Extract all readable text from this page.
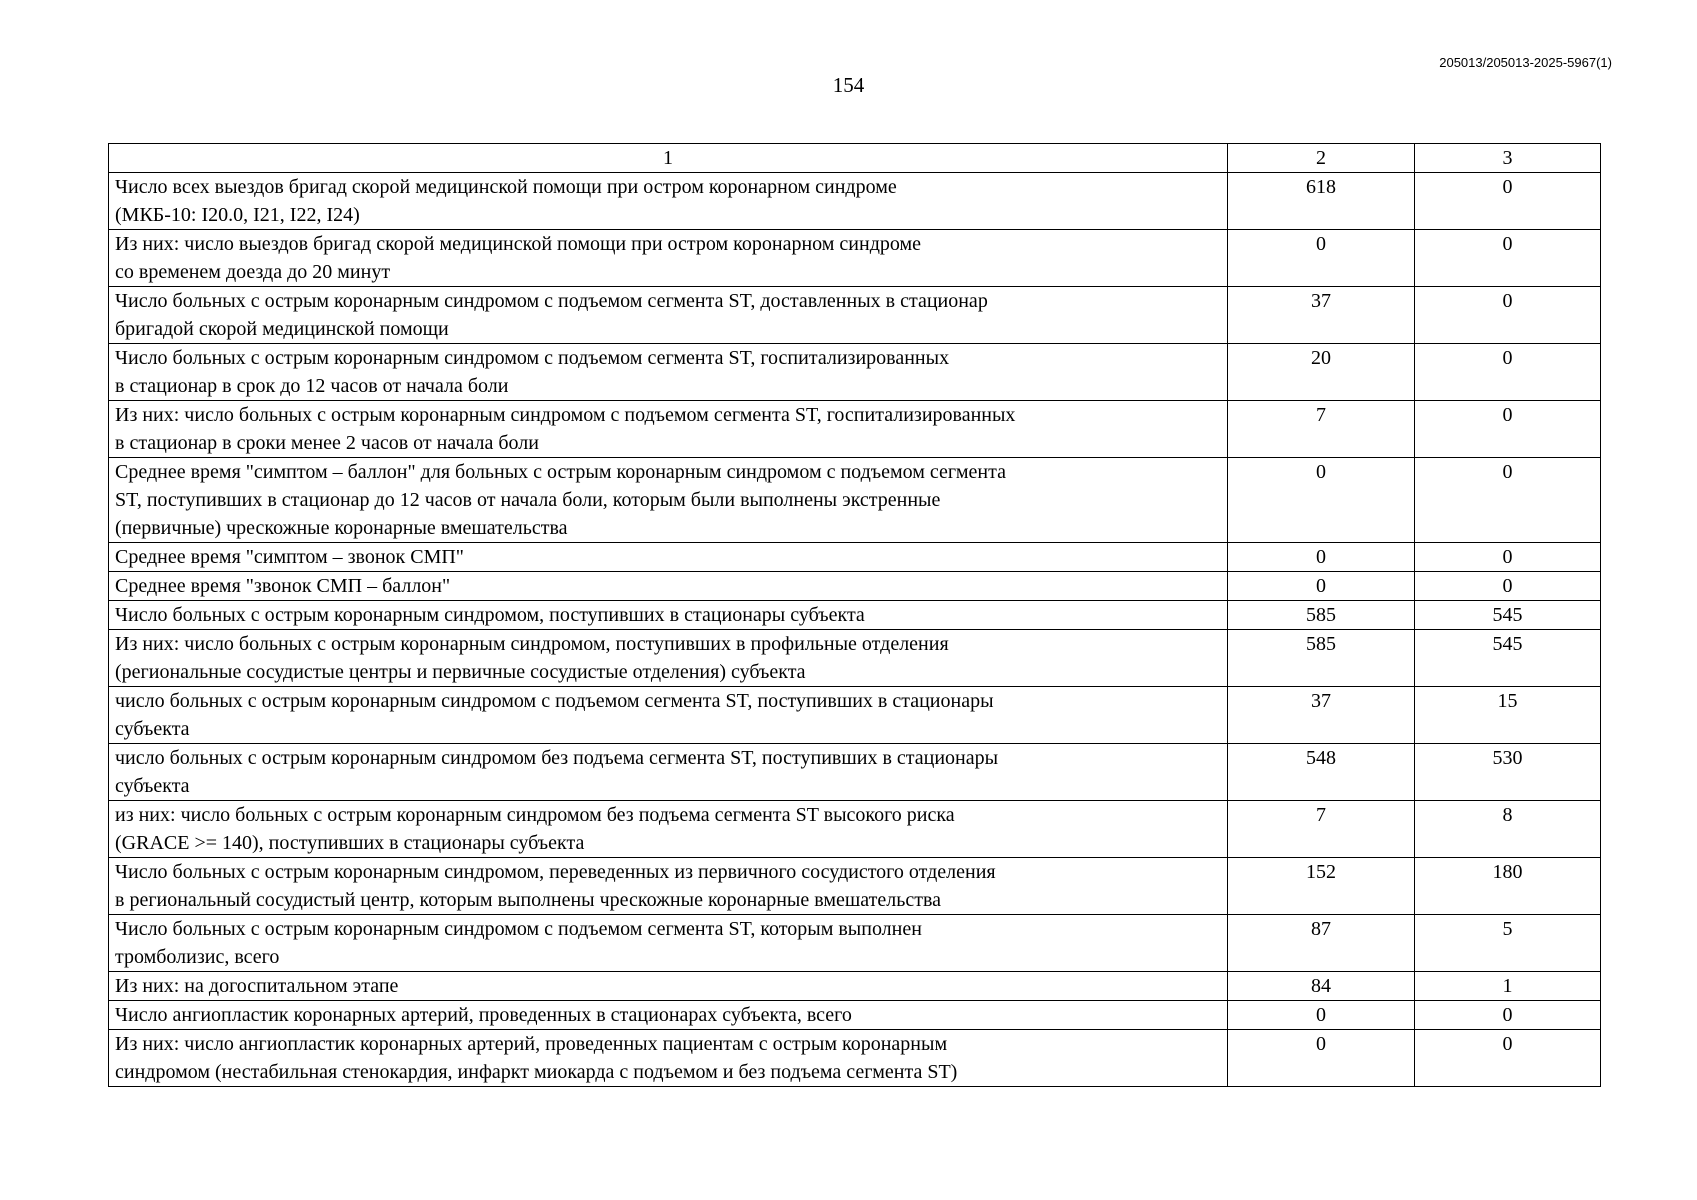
205013/205013-2025-5967(1)
154
1	2	3
Число всех выездов бригад скорой медицинской помощи при остром коронарном синдроме
(МКБ-10: I20.0, I21, I22, I24)	618	0
Из них: число выездов бригад скорой медицинской помощи при остром коронарном синдроме
со временем доезда до 20 минут	0	0
Число больных с острым коронарным синдромом с подъемом сегмента ST, доставленных в стационар
бригадой скорой медицинской помощи	37	0
Число больных с острым коронарным синдромом с подъемом сегмента ST, госпитализированных
в стационар в срок до 12 часов от начала боли	20	0
Из них: число больных с острым коронарным синдромом с подъемом сегмента ST, госпитализированных
в стационар в сроки менее 2 часов от начала боли	7	0
Среднее время "симптом – баллон" для больных с острым коронарным синдромом с подъемом сегмента
ST, поступивших в стационар до 12 часов от начала боли, которым были выполнены экстренные
(первичные) чрескожные коронарные вмешательства	0	0
Среднее время "симптом – звонок СМП"	0	0
Среднее время "звонок СМП – баллон"	0	0
Число больных с острым коронарным синдромом, поступивших в стационары субъекта	585	545
Из них: число больных с острым коронарным синдромом, поступивших в профильные отделения
(региональные сосудистые центры и первичные сосудистые отделения) субъекта	585	545
число больных с острым коронарным синдромом с подъемом сегмента ST, поступивших в стационары
субъекта	37	15
число больных с острым коронарным синдромом без подъема сегмента ST, поступивших в стационары
субъекта	548	530
из них: число больных с острым коронарным синдромом без подъема сегмента ST высокого риска
(GRACE >= 140), поступивших в стационары субъекта	7	8
Число больных с острым коронарным синдромом, переведенных из первичного сосудистого отделения
в региональный сосудистый центр, которым выполнены чрескожные коронарные вмешательства	152	180
Число больных с острым коронарным синдромом с подъемом сегмента ST, которым выполнен
тромболизис, всего	87	5
Из них: на догоспитальном этапе	84	1
Число ангиопластик коронарных артерий, проведенных в стационарах субъекта, всего	0	0
Из них: число ангиопластик коронарных артерий, проведенных пациентам с острым коронарным
синдромом (нестабильная стенокардия, инфаркт миокарда с подъемом и без подъема сегмента ST)	0	0
